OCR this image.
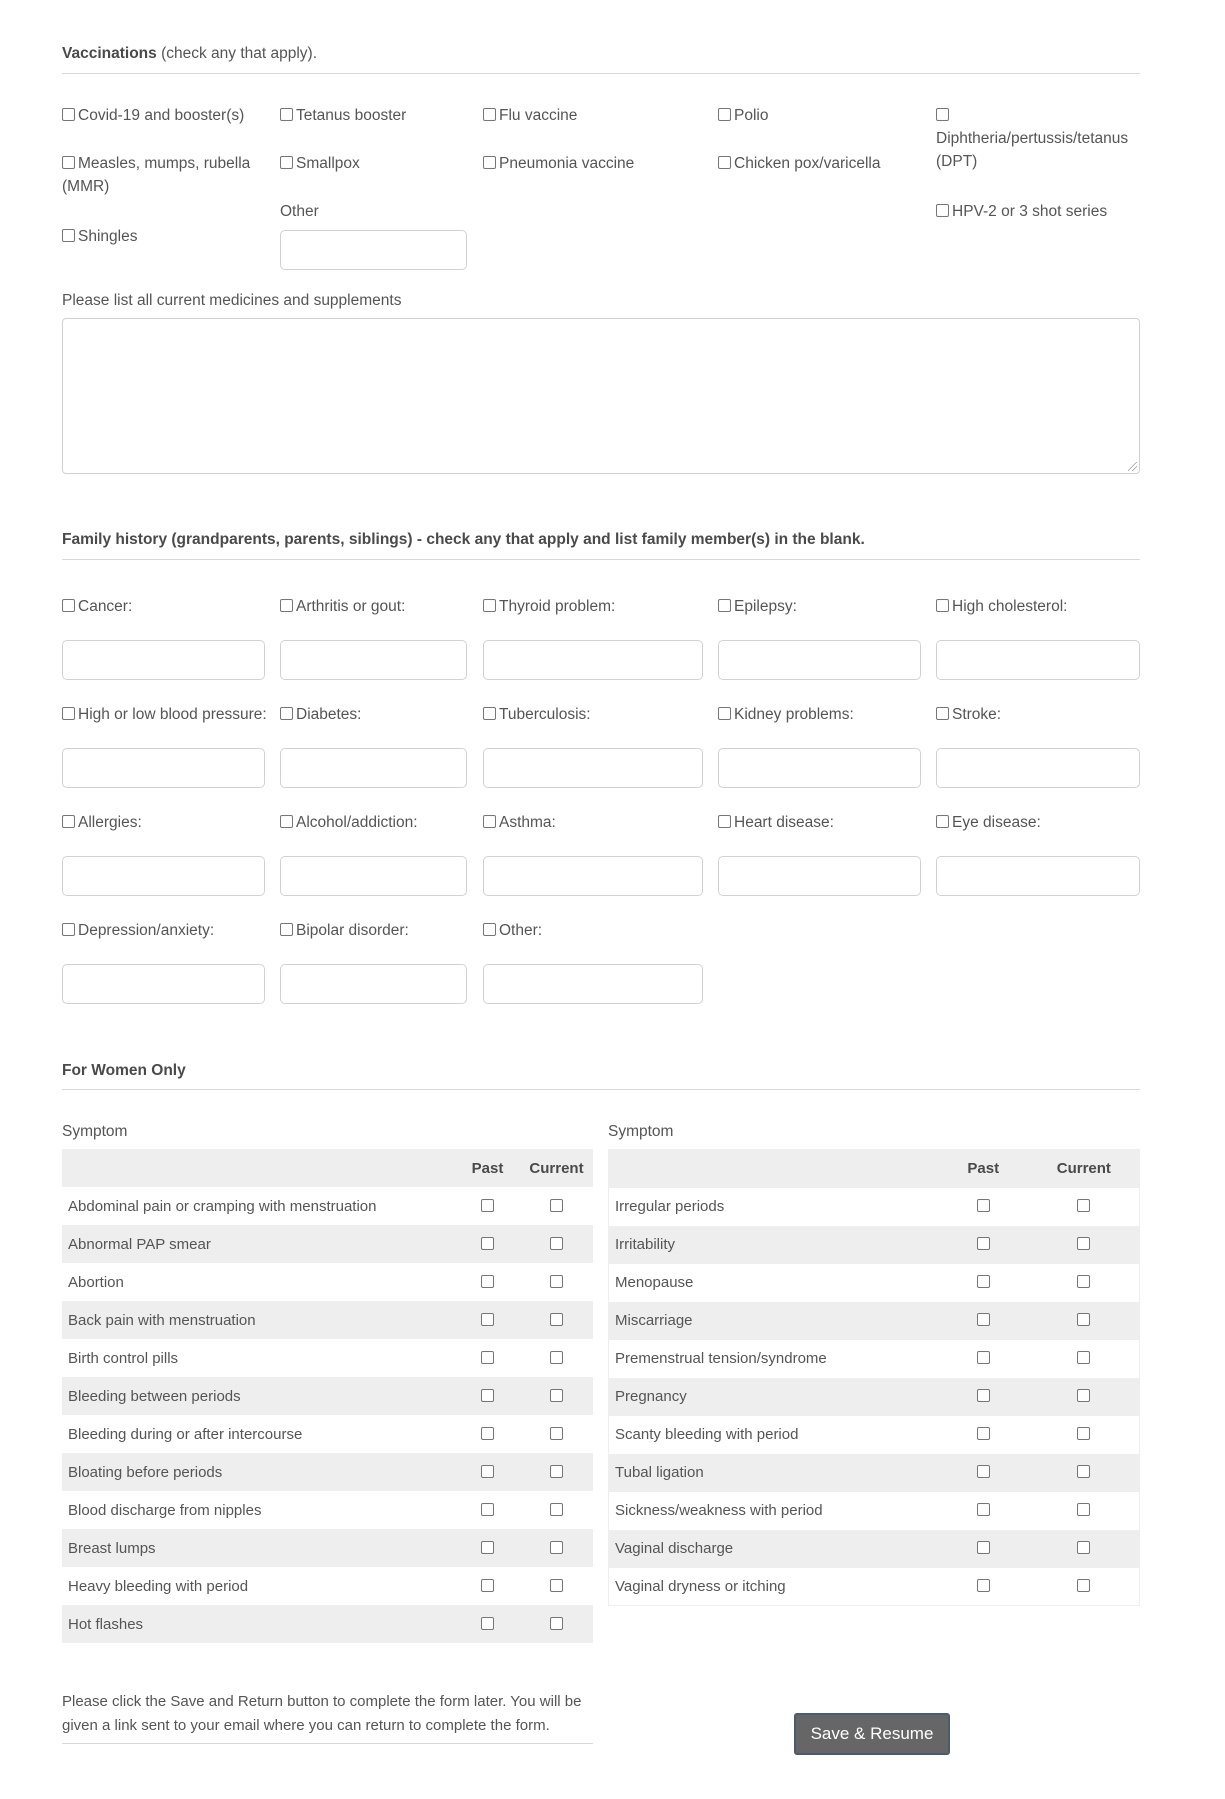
Vaccinations (check any that apply).
Covid-19 and booster(s)	Tetanus booster	Flu vaccine	Polio

Diphtheria/pertussis/tetanus (DPT)
Measles, mumps, rubella (MMR)
Smallpox	Pneumonia vaccine	Chicken pox/varicella
HPV-2 or 3 shot series
Shingles
Other
Please list all current medicines and supplements
Family history (grandparents, parents, siblings) - check any that apply and list family member(s) in the blank.
Cancer:	Arthritis or gout:	Thyroid problem:	Epilepsy:	High cholesterol:
High or low blood pressure:	Diabetes:	Tuberculosis:	Kidney problems:	Stroke:
Allergies:	Alcohol/addiction:	Asthma:	Heart disease:	Eye disease:
Depression/anxiety:	Bipolar disorder:	Other:
For Women Only
Symptom	Symptom
	Past	Current
Abdominal pain or cramping with menstruation		
Abnormal PAP smear		
Abortion		
Back pain with menstruation		
Birth control pills		
Bleeding between periods		
Bleeding during or after intercourse		
Bloating before periods		
Blood discharge from nipples		
Breast lumps		
Heavy bleeding with period		
Hot flashes		
	Past	Current
Irregular periods		
Irritability		
Menopause		
Miscarriage		
Premenstrual tension/syndrome		
Pregnancy		
Scanty bleeding with period		
Tubal ligation		
Sickness/weakness with period		
Vaginal discharge		
Vaginal dryness or itching		
Please click the Save and Return button to complete the form later. You will be given a link sent to your email where you can return to complete the form.	Save & Resume
